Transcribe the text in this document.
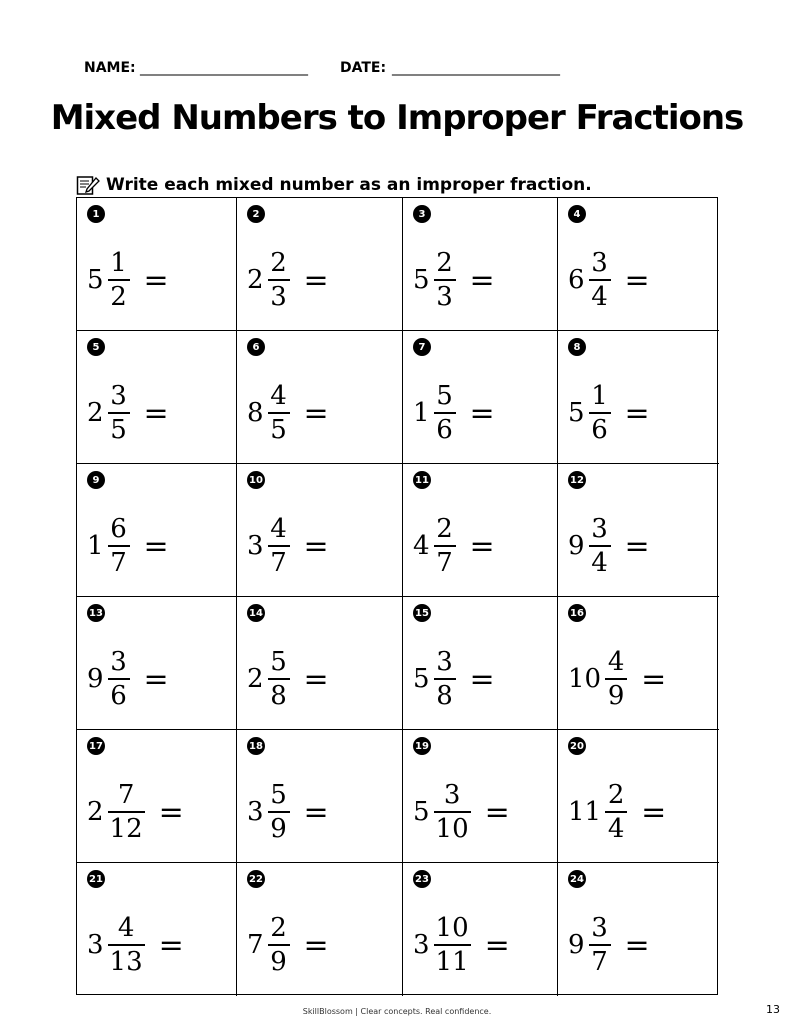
NAME: ________________________ DATE: ________________________
Mixed Numbers to Improper Fractions
Write each mixed number as an improper fraction.
1
$5 \frac{1}{2}$ =
2
$2 \frac{2}{3}$ =
3
$5 \frac{2}{3}$ =
4
$6 \frac{3}{4}$ =
5
$2 \frac{3}{5}$ =
6
$8 \frac{4}{5}$ =
7
$1 \frac{5}{6}$ =
8
$5 \frac{1}{6}$ =
9
$1 \frac{6}{7}$ =
10
$3 \frac{4}{7}$ =
11
$4 \frac{2}{7}$ =
12
$9 \frac{3}{4}$ =
13
$9 \frac{3}{6}$ =
14
$2 \frac{5}{8}$ =
15
$5 \frac{3}{8}$ =
16
$10 \frac{4}{9}$ =
17
$2 \frac{7}{12}$ =
18
$3 \frac{5}{9}$ =
19
$5 \frac{3}{10}$ =
20
$11 \frac{2}{4}$ =
21
$3 \frac{4}{13}$ =
22
$7 \frac{2}{9}$ =
23
$3 \frac{10}{11}$ =
24
$9 \frac{3}{7}$ =
SkillBlossom | Clear concepts. Real confidence.	13
